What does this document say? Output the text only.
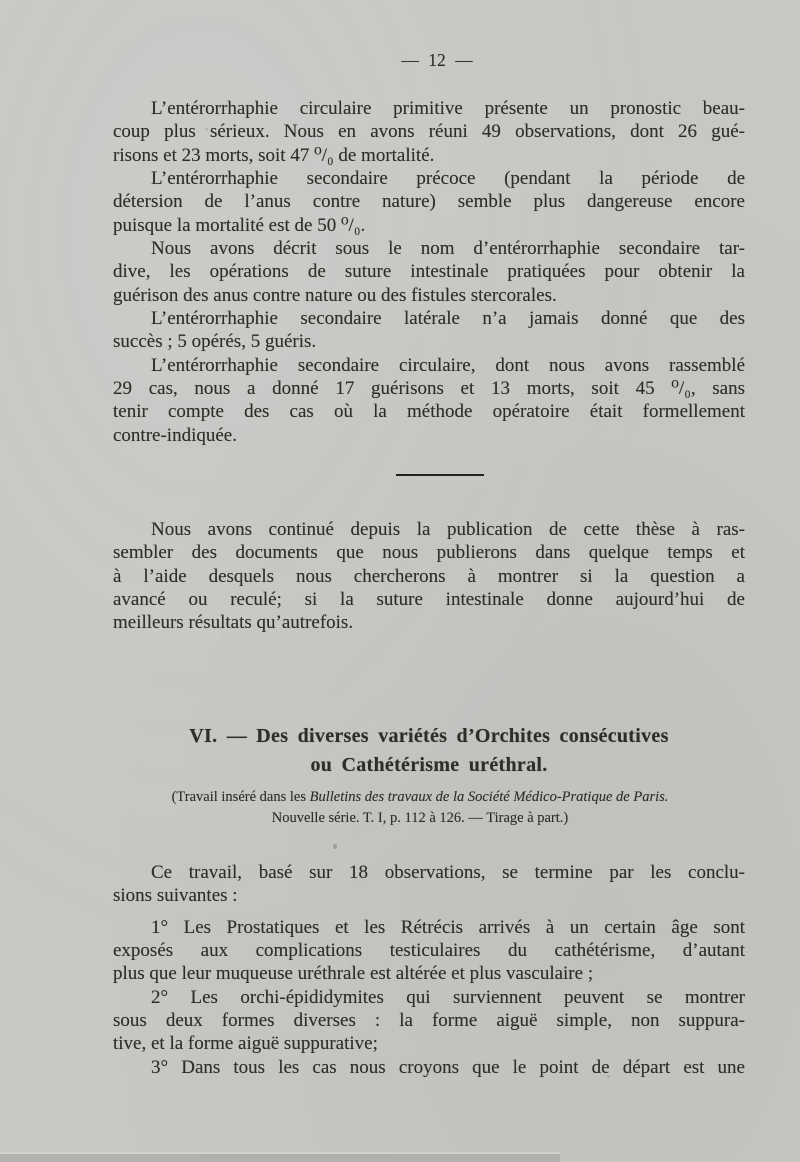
— 12 —
L’entérorrhaphie circulaire primitive présente un pronostic beau-
coup plus sérieux. Nous en avons réuni 49 observations, dont 26 gué-
risons et 23 morts, soit 47 ⁰/₀ de mortalité.
L’entérorrhaphie secondaire précoce (pendant la période de
détersion de l’anus contre nature) semble plus dangereuse encore
puisque la mortalité est de 50 ⁰/₀.
Nous avons décrit sous le nom d’entérorrhaphie secondaire tar-
dive, les opérations de suture intestinale pratiquées pour obtenir la
guérison des anus contre nature ou des fistules stercorales.
L’entérorrhaphie secondaire latérale n’a jamais donné que des
succès ; 5 opérés, 5 guéris.
L’entérorrhaphie secondaire circulaire, dont nous avons rassemblé
29 cas, nous a donné 17 guérisons et 13 morts, soit 45 ⁰/₀, sans
tenir compte des cas où la méthode opératoire était formellement
contre-indiquée.
Nous avons continué depuis la publication de cette thèse à ras-
sembler des documents que nous publierons dans quelque temps et
à l’aide desquels nous chercherons à montrer si la question a
avancé ou reculé; si la suture intestinale donne aujourd’hui de
meilleurs résultats qu’autrefois.
VI. — Des diverses variétés d’Orchites consécutives
ou Cathétérisme uréthral.
(Travail inséré dans les Bulletins des travaux de la Société Médico-Pratique de Paris.
Nouvelle série. T. I, p. 112 à 126. — Tirage à part.)
Ce travail, basé sur 18 observations, se termine par les conclu-
sions suivantes :
1° Les Prostatiques et les Rétrécis arrivés à un certain âge sont
exposés aux complications testiculaires du cathétérisme, d’autant
plus que leur muqueuse uréthrale est altérée et plus vasculaire ;
2° Les orchi-épididymites qui surviennent peuvent se montrer
sous deux formes diverses : la forme aiguë simple, non suppura-
tive, et la forme aiguë suppurative;
3° Dans tous les cas nous croyons que le point de départ est une
